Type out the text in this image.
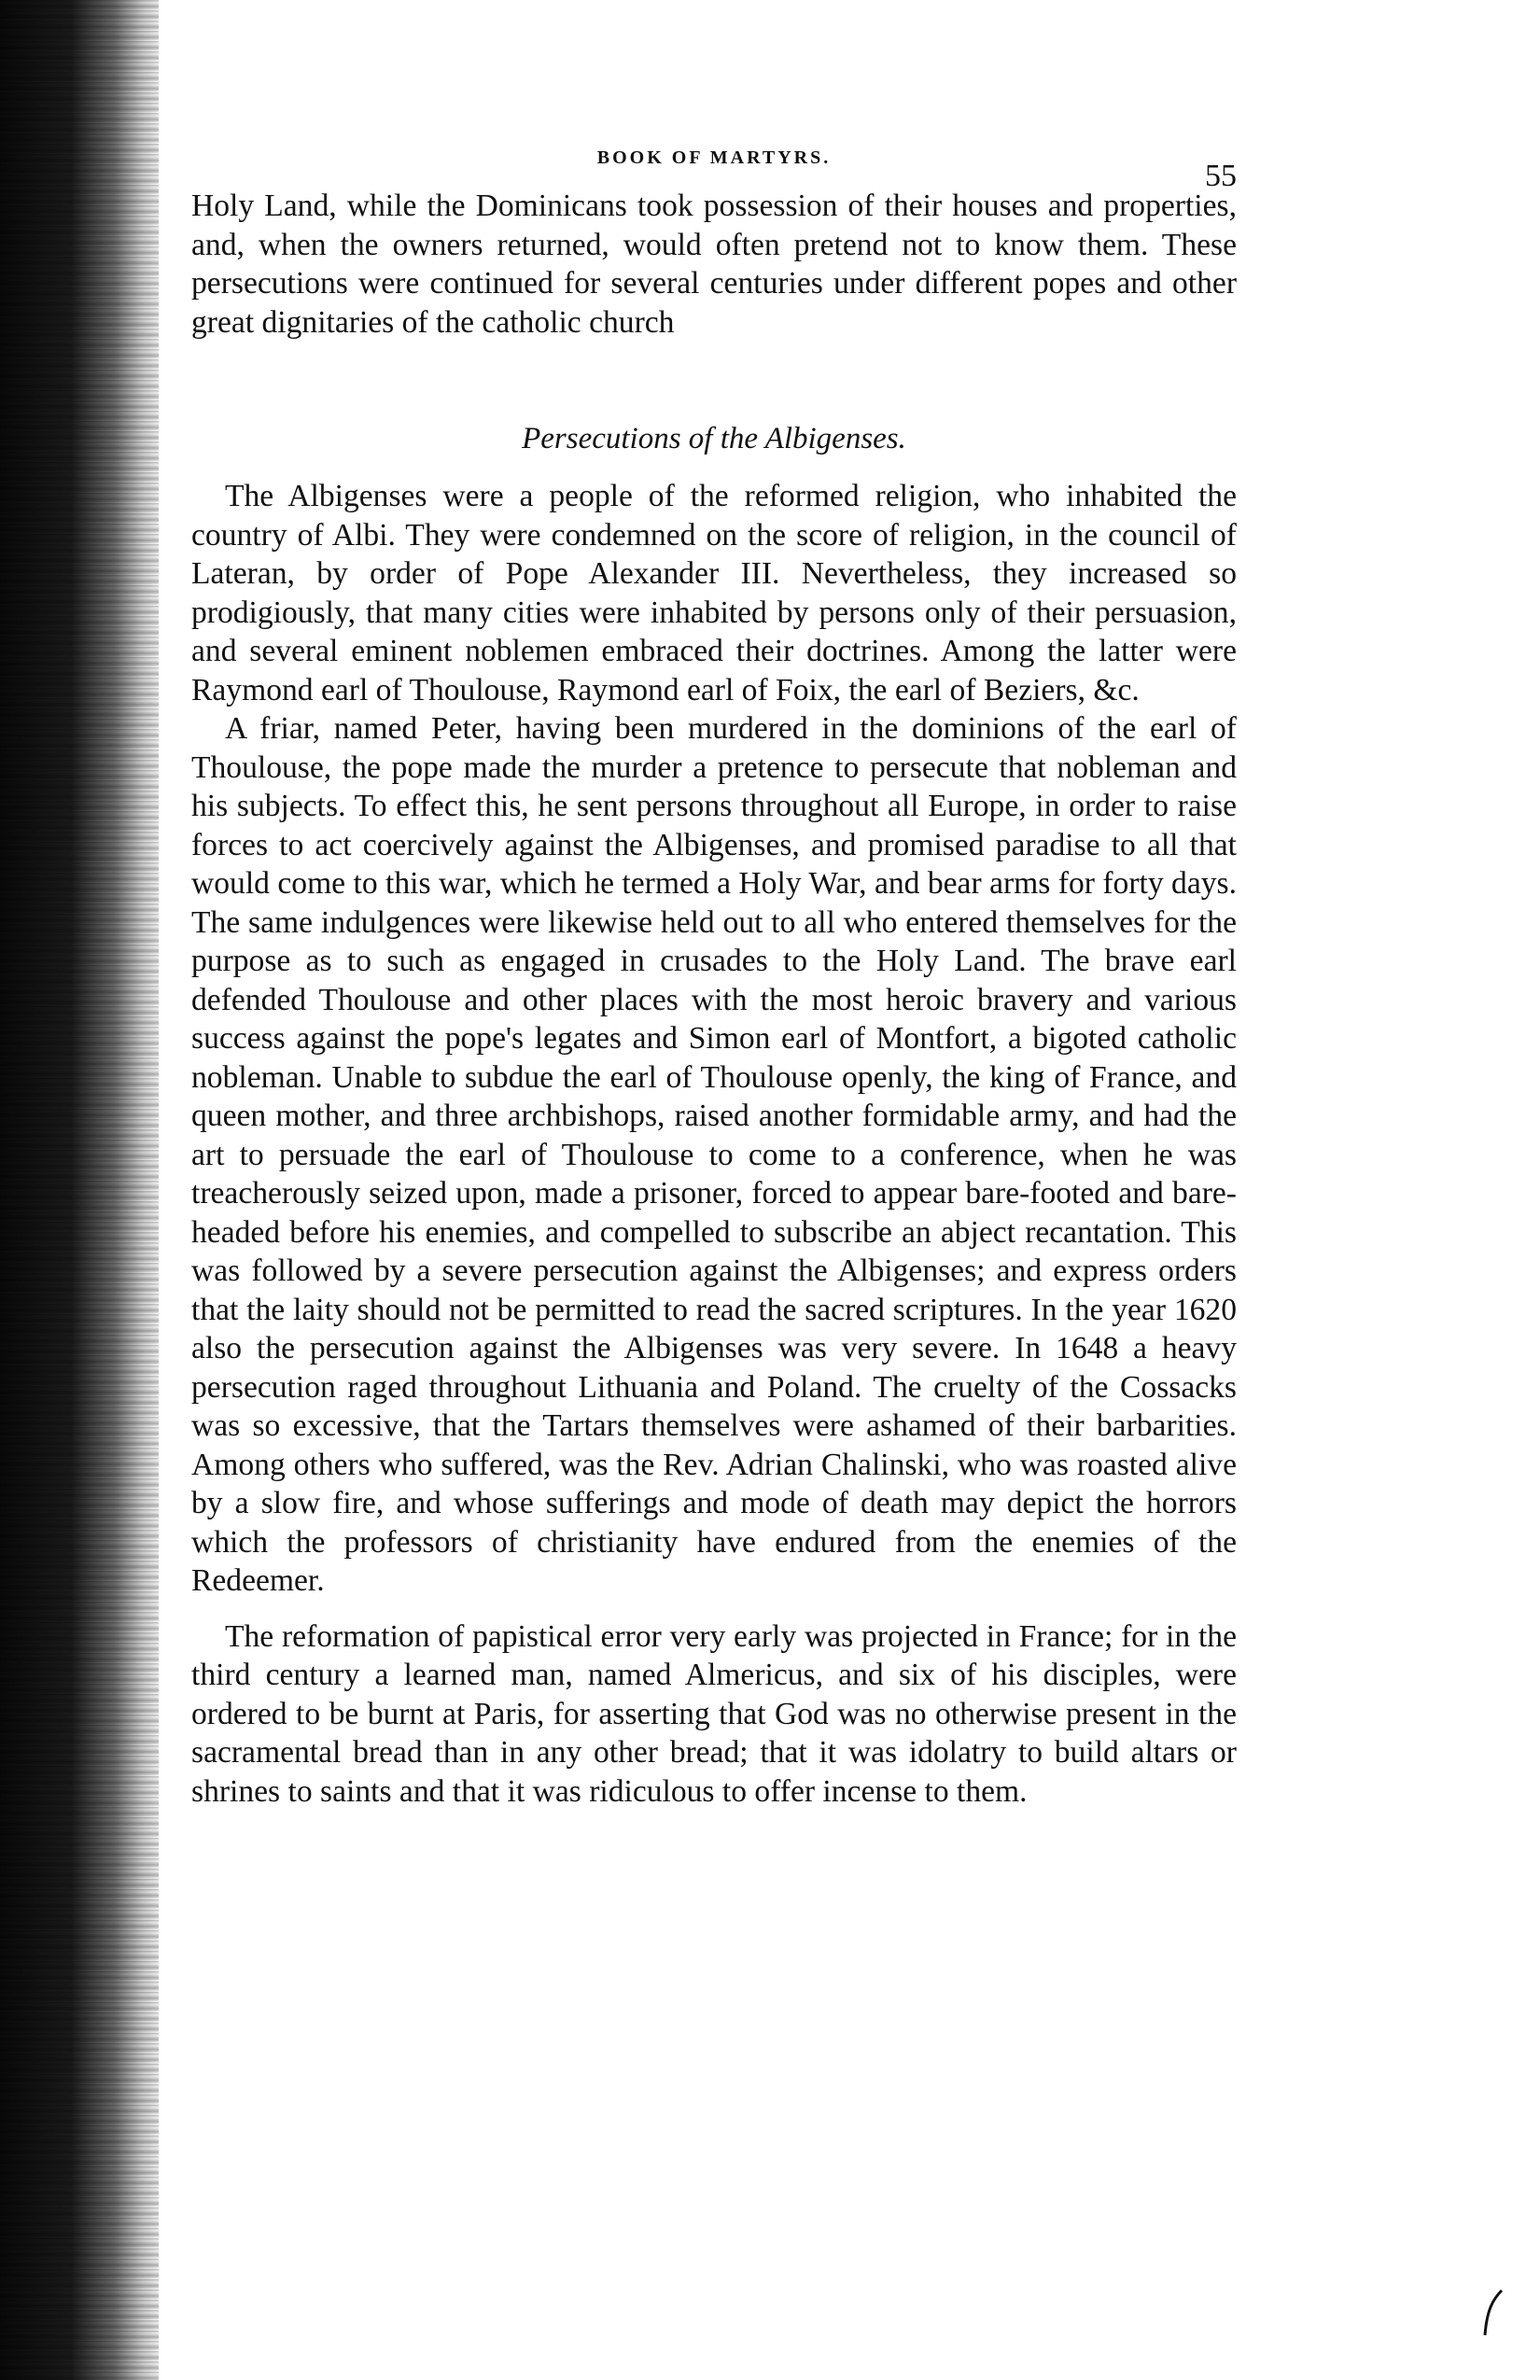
BOOK OF MARTYRS.
55

Holy Land, while the Dominicans took possession of their houses and properties, and, when the owners returned, would often pretend not to know them. These persecutions were continued for several centuries under different popes and other great dignitaries of the catholic church

Persecutions of the Albigenses.

The Albigenses were a people of the reformed religion, who inhabited the country of Albi. They were condemned on the score of religion, in the council of Lateran, by order of Pope Alexander III. Nevertheless, they increased so prodigiously, that many cities were inhabited by persons only of their persuasion, and several eminent noblemen embraced their doctrines. Among the latter were Raymond earl of Thoulouse, Raymond earl of Foix, the earl of Beziers, &c.

A friar, named Peter, having been murdered in the dominions of the earl of Thoulouse, the pope made the murder a pretence to persecute that nobleman and his subjects. To effect this, he sent persons throughout all Europe, in order to raise forces to act coercively against the Albigenses, and promised paradise to all that would come to this war, which he termed a Holy War, and bear arms for forty days. The same indulgences were likewise held out to all who entered themselves for the purpose as to such as engaged in crusades to the Holy Land. The brave earl defended Thoulouse and other places with the most heroic bravery and various success against the pope's legates and Simon earl of Montfort, a bigoted catholic nobleman. Unable to subdue the earl of Thoulouse openly, the king of France, and queen mother, and three archbishops, raised another formidable army, and had the art to persuade the earl of Thoulouse to come to a conference, when he was treacherously seized upon, made a prisoner, forced to appear bare-footed and bare-headed before his enemies, and compelled to subscribe an abject recantation. This was followed by a severe persecution against the Albigenses; and express orders that the laity should not be permitted to read the sacred scriptures. In the year 1620 also the persecution against the Albigenses was very severe. In 1648 a heavy persecution raged throughout Lithuania and Poland. The cruelty of the Cossacks was so excessive, that the Tartars themselves were ashamed of their barbarities. Among others who suffered, was the Rev. Adrian Chalinski, who was roasted alive by a slow fire, and whose sufferings and mode of death may depict the horrors which the professors of christianity have endured from the enemies of the Redeemer.

The reformation of papistical error very early was projected in France; for in the third century a learned man, named Almericus, and six of his disciples, were ordered to be burnt at Paris, for asserting that God was no otherwise present in the sacramental bread than in any other bread; that it was idolatry to build altars or shrines to saints and that it was ridiculous to offer incense to them.
